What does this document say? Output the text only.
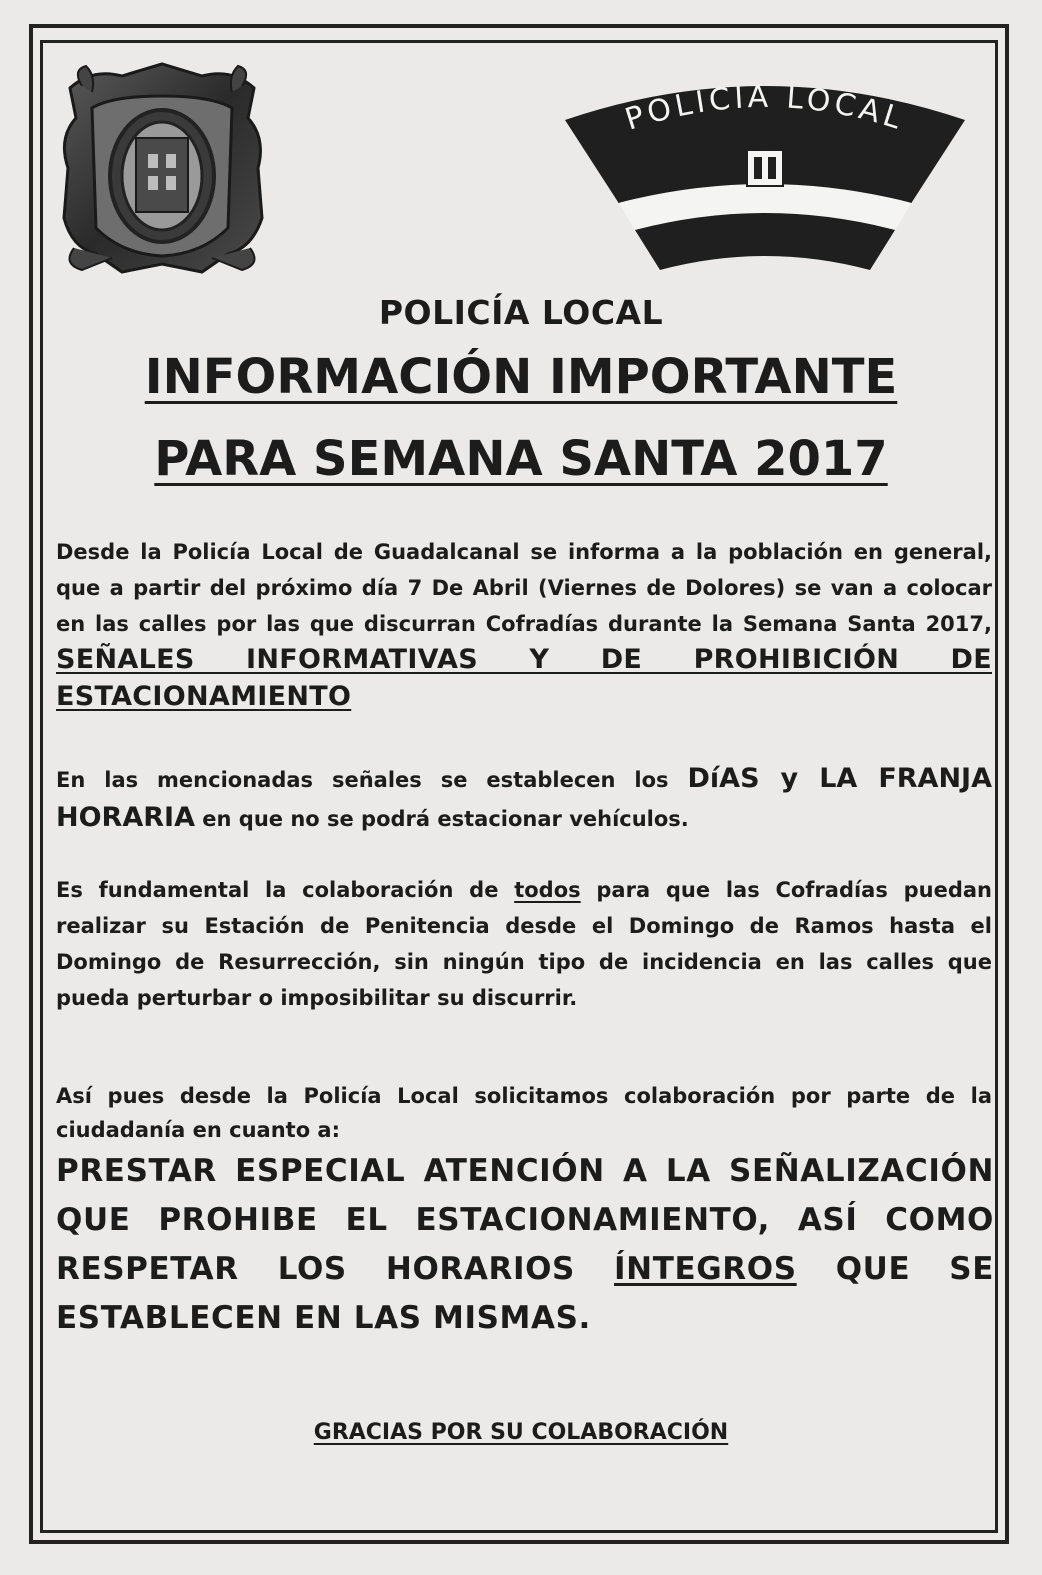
POLICIA LOCAL
POLICÍA LOCAL
INFORMACIÓN IMPORTANTE
PARA SEMANA SANTA 2017
Desde la Policía Local de Guadalcanal se informa a la población en general, que a partir del próximo día 7 De Abril (Viernes de Dolores) se van a colocar en las calles por las que discurran Cofradías durante la Semana Santa 2017, SEÑALES INFORMATIVAS Y DE PROHIBICIÓN DE ESTACIONAMIENTO
En las mencionadas señales se establecen los DíAS y LA FRANJA HORARIA en que no se podrá estacionar vehículos.
Es fundamental la colaboración de todos para que las Cofradías puedan realizar su Estación de Penitencia desde el Domingo de Ramos hasta el Domingo de Resurrección, sin ningún tipo de incidencia en las calles que pueda perturbar o imposibilitar su discurrir.
Así pues desde la Policía Local solicitamos colaboración por parte de la ciudadanía en cuanto a:
PRESTAR ESPECIAL ATENCIÓN A LA SEÑALIZACIÓN QUE PROHIBE EL ESTACIONAMIENTO, ASÍ COMO RESPETAR LOS HORARIOS ÍNTEGROS QUE SE ESTABLECEN EN LAS MISMAS.
GRACIAS POR SU COLABORACIÓN
